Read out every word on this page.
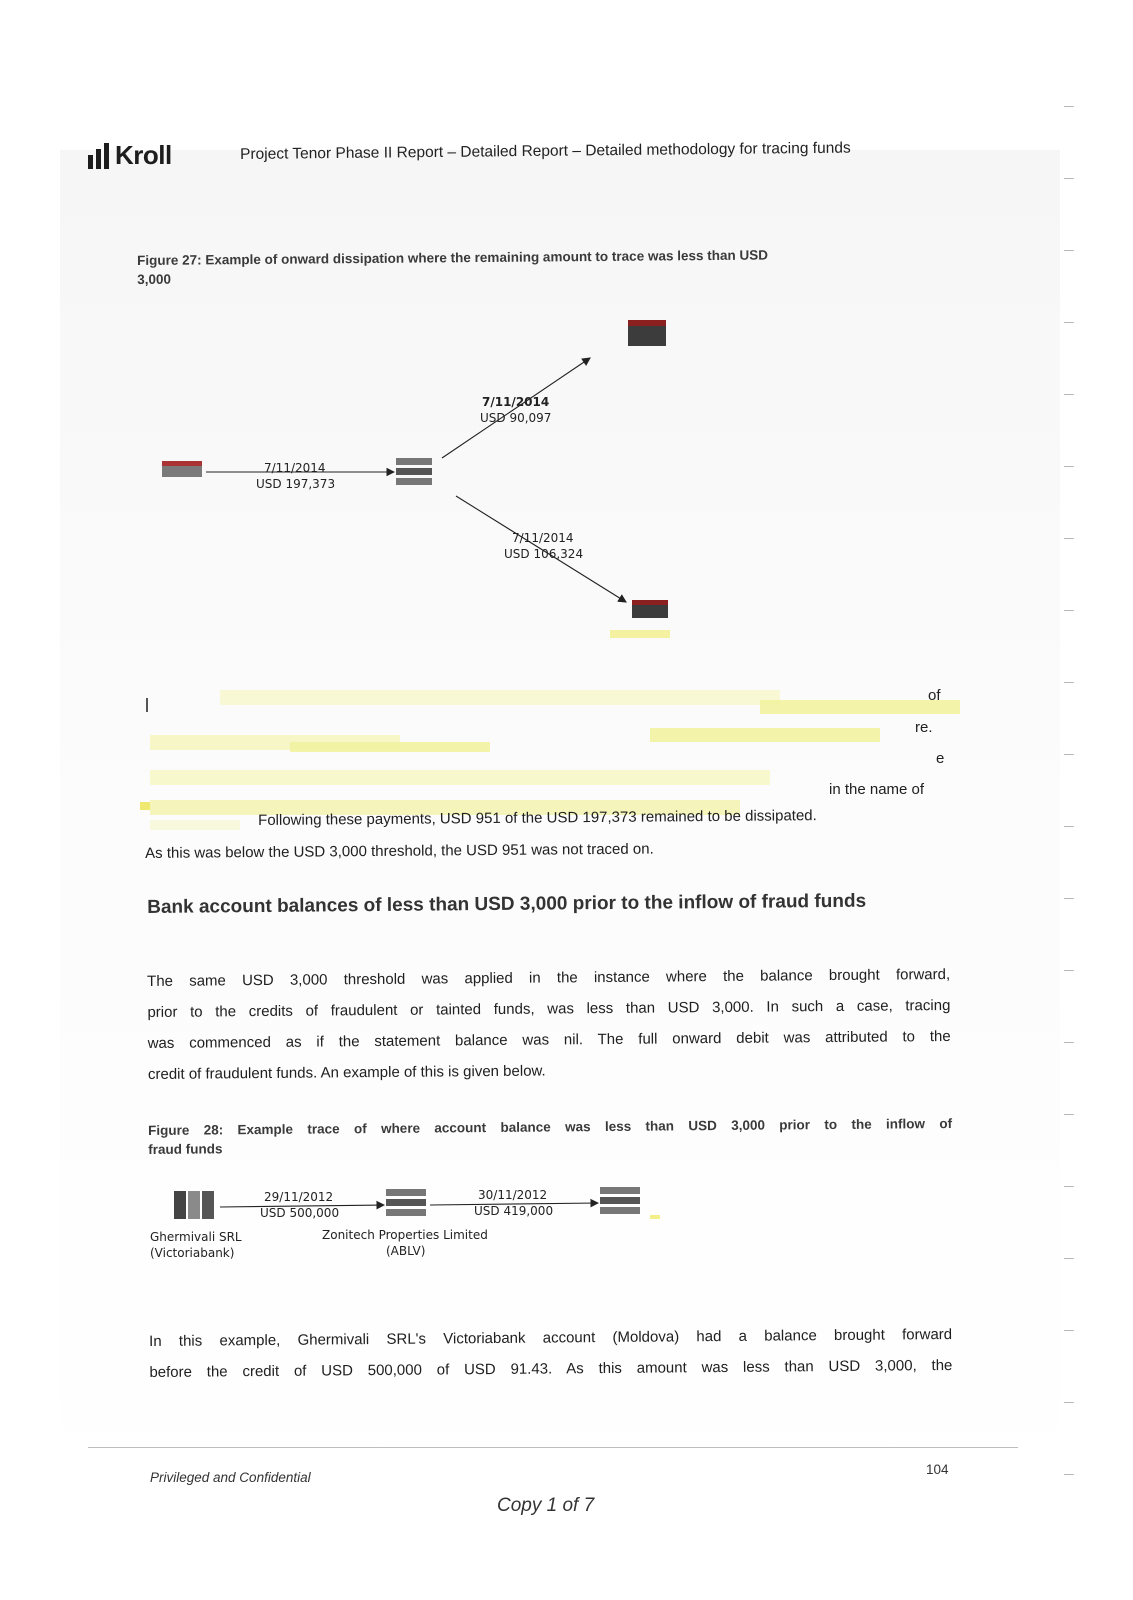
Kroll	Project Tenor Phase II Report – Detailed Report – Detailed methodology for tracing funds
Figure 27: Example of onward dissipation where the remaining amount to trace was less than USD
3,000
7/11/2014
USD 197,373
7/11/2014
USD 90,097
7/11/2014
USD 106,324
of
re.
e
in the name of
Following these payments, USD 951 of the USD 197,373 remained to be dissipated.
As this was below the USD 3,000 threshold, the USD 951 was not traced on.
Bank account balances of less than USD 3,000 prior to the inflow of fraud funds
The same USD 3,000 threshold was applied in the instance where the balance brought forward,
prior to the credits of fraudulent or tainted funds, was less than USD 3,000. In such a case, tracing
was commenced as if the statement balance was nil. The full onward debit was attributed to the
credit of fraudulent funds. An example of this is given below.
Figure 28: Example trace of where account balance was less than USD 3,000 prior to the inflow of
fraud funds
29/11/2012
USD 500,000
30/11/2012
USD 419,000
Ghermivali SRL
(Victoriabank)
Zonitech Properties Limited
(ABLV)
In this example, Ghermivali SRL's Victoriabank account (Moldova) had a balance brought forward
before the credit of USD 500,000 of USD 91.43. As this amount was less than USD 3,000, the
Privileged and Confidential
104
Copy 1 of 7
